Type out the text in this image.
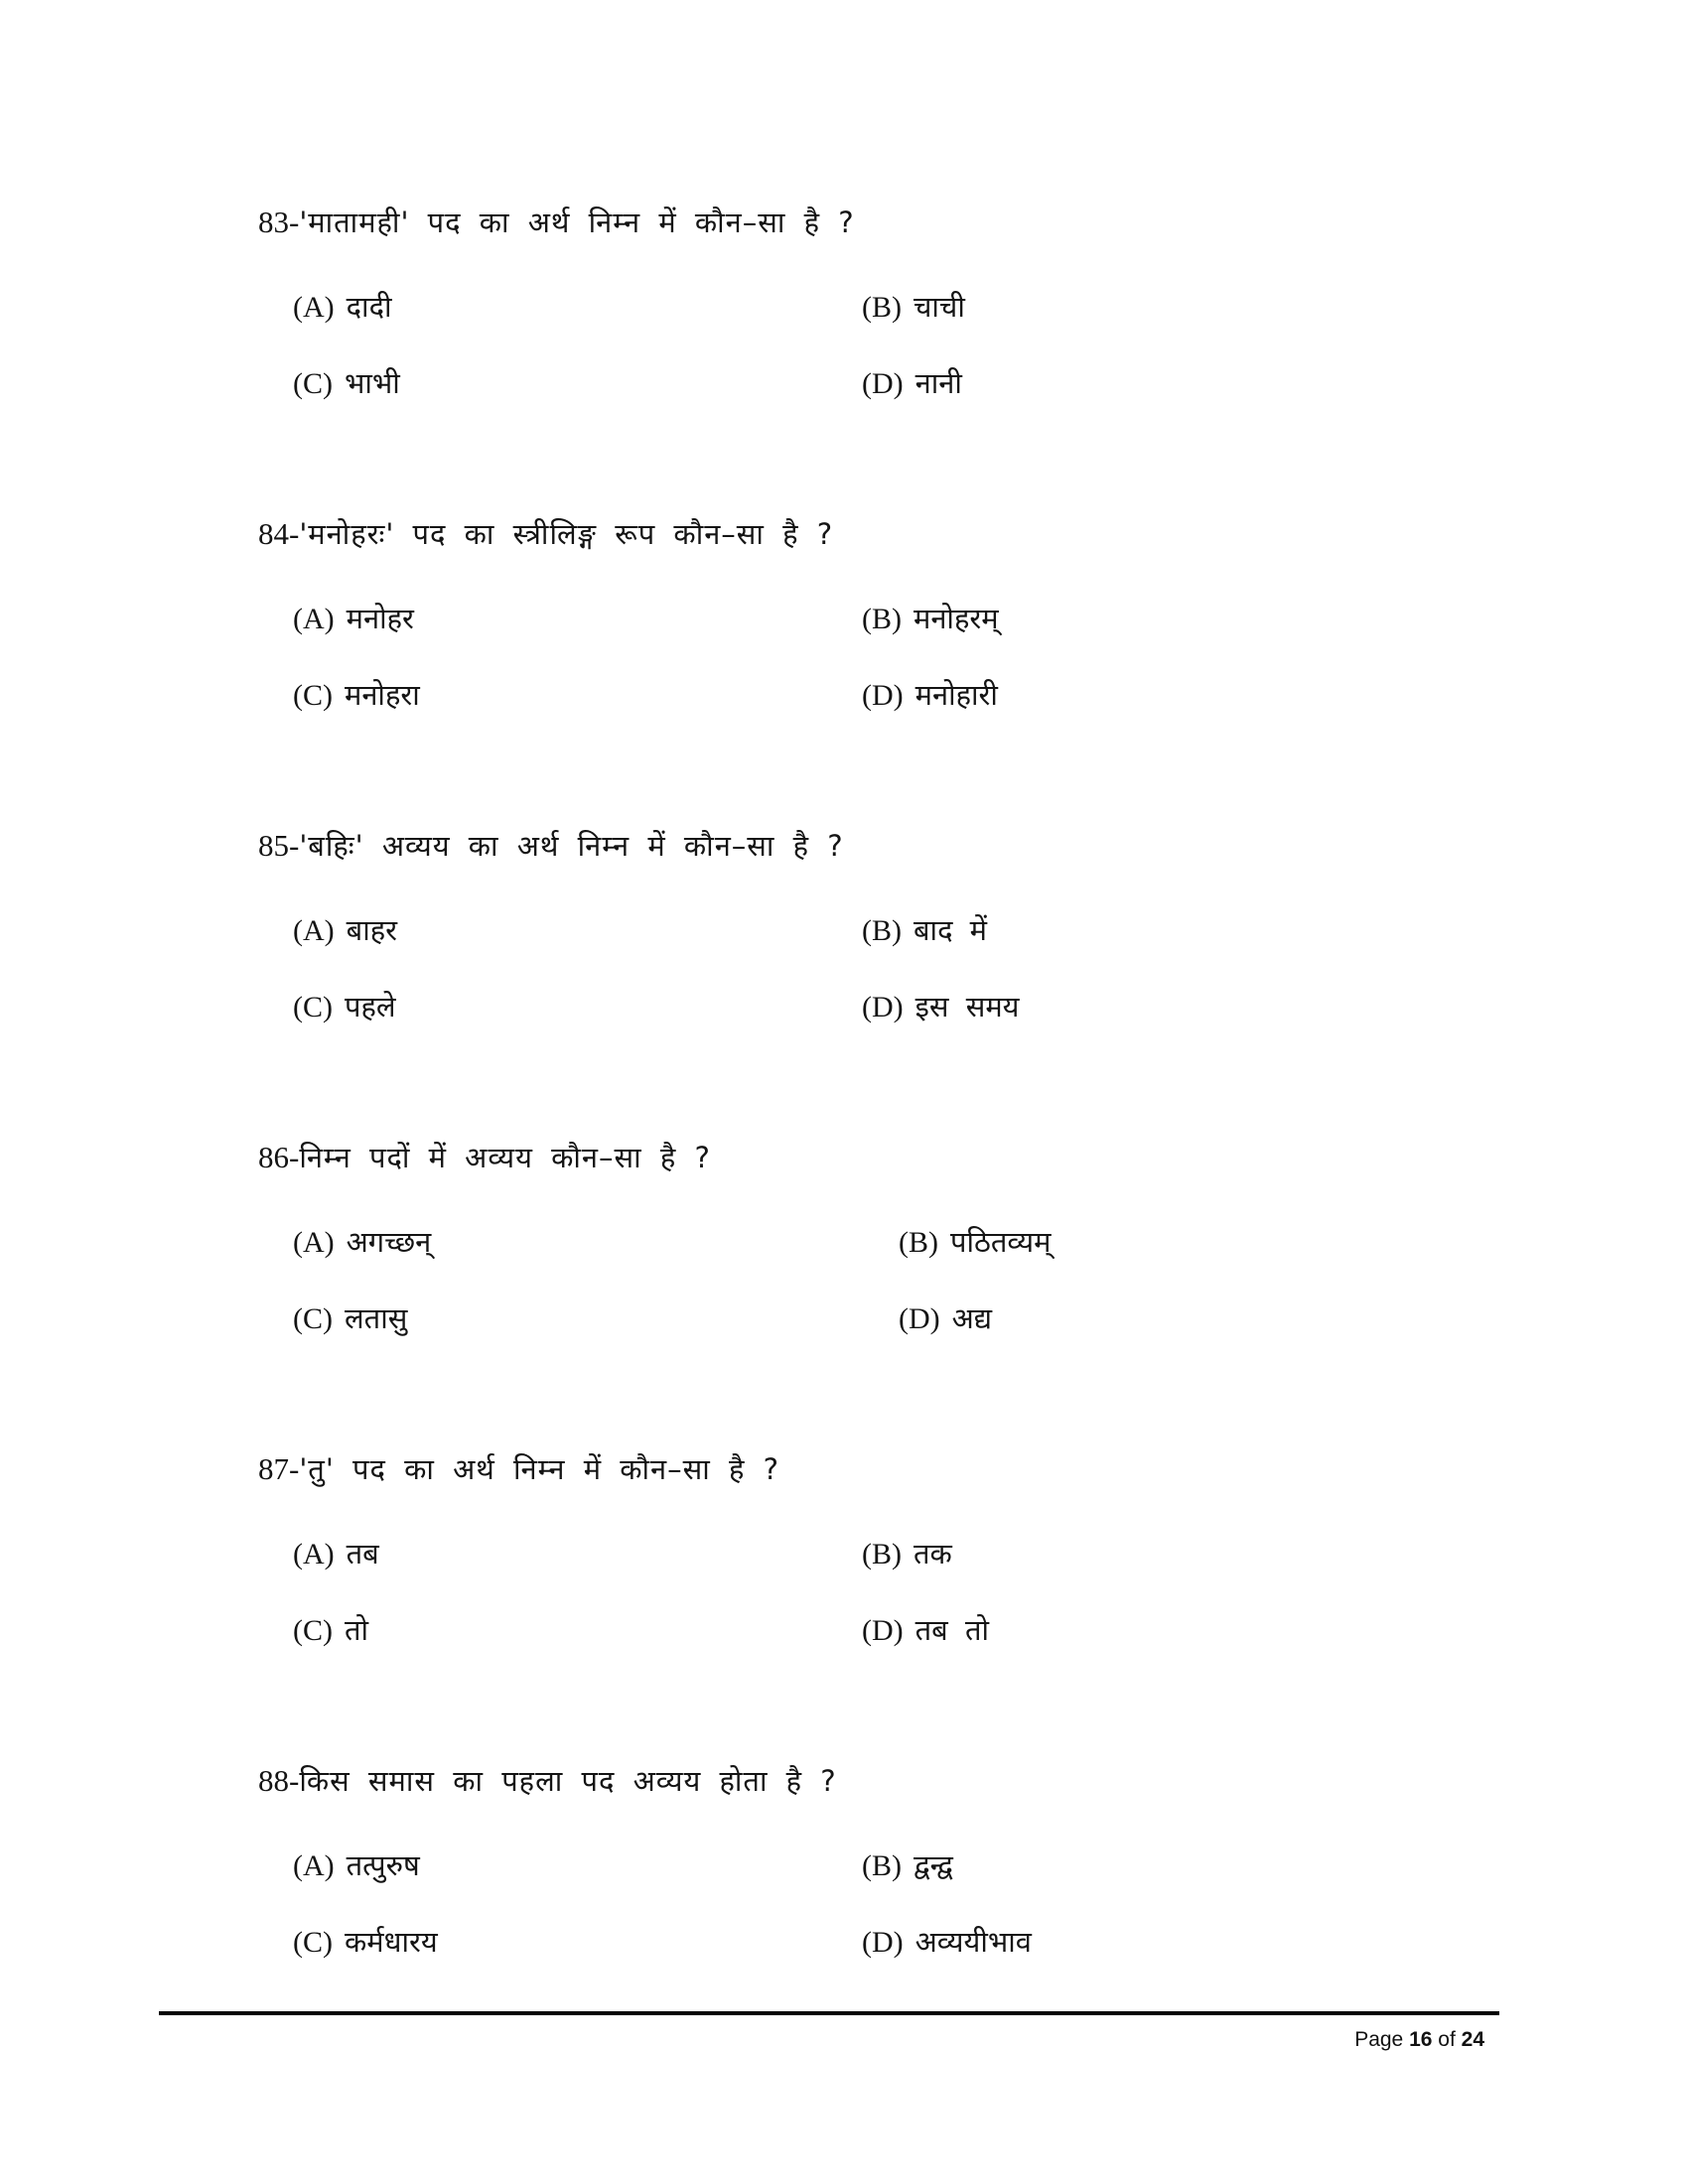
83-'मातामही' पद का अर्थ निम्न में कौन–सा है ?
(A) दादी	(B) चाची
(C) भाभी	(D) नानी
84-'मनोहरः' पद का स्त्रीलिङ्ग रूप कौन–सा है ?
(A) मनोहर	(B) मनोहरम्
(C) मनोहरा	(D) मनोहारी
85-'बहिः' अव्यय का अर्थ निम्न में कौन–सा है ?
(A) बाहर	(B) बाद में
(C) पहले	(D) इस समय
86-निम्न पदों में अव्यय कौन–सा है ?
(A) अगच्छन्	(B) पठितव्यम्
(C) लतासु	(D) अद्य
87-'तु' पद का अर्थ निम्न में कौन–सा है ?
(A) तब	(B) तक
(C) तो	(D) तब तो
88-किस समास का पहला पद अव्यय होता है ?
(A) तत्पुरुष	(B) द्वन्द्व
(C) कर्मधारय	(D) अव्ययीभाव
Page 16 of 24
